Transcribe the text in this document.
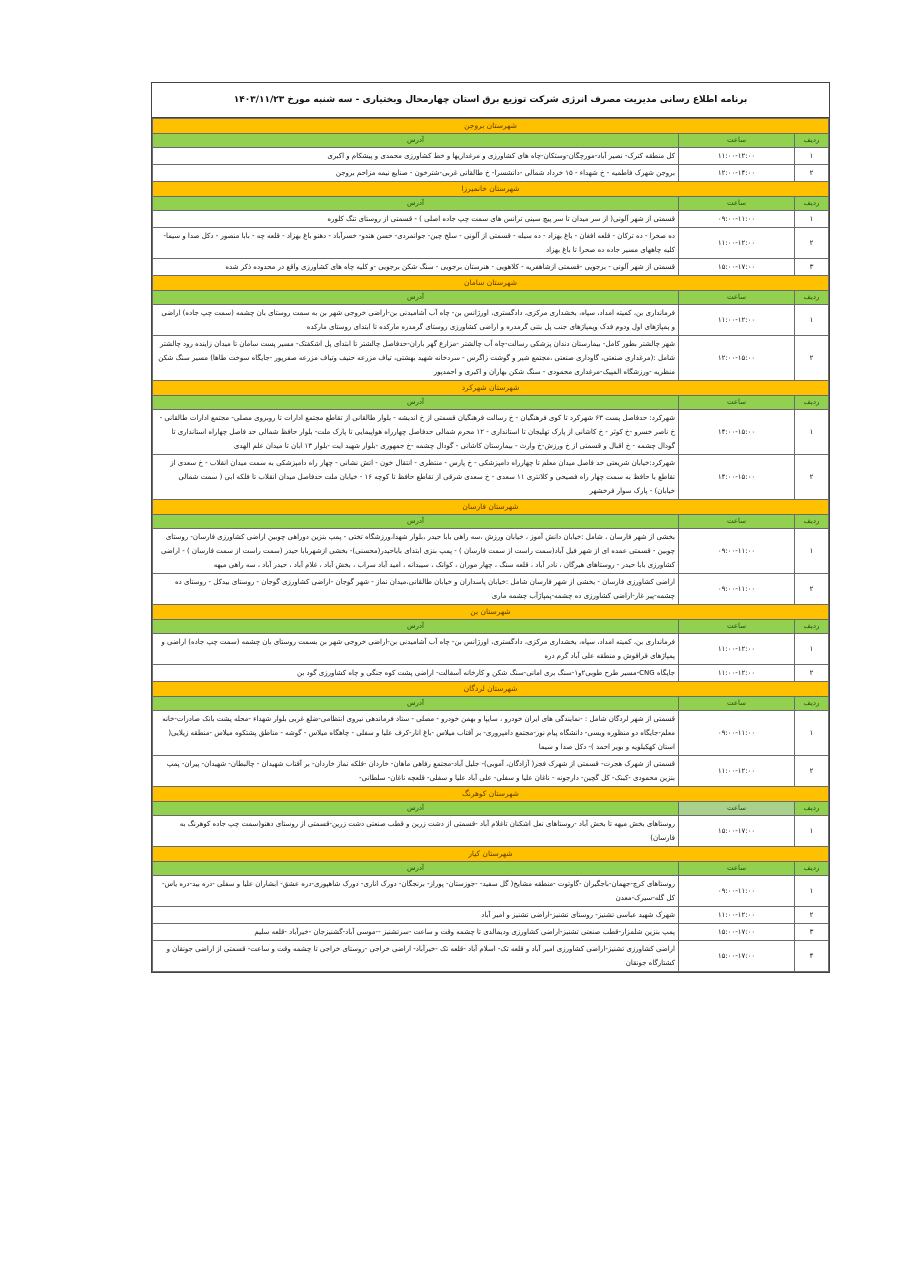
برنامه اطلاع رسانی مدیریت مصرف انرژی شرکت توزیع برق استان چهارمحال وبختیاری - سه شنبه مورخ ۱۴۰۳/۱۱/۲۳
شهرستان بروجن		
ردیف	ساعت	آدرس
۱	۱۱:۰۰-۱۲:۰۰	کل منطقه کترک- نصیر آباد-مورچگان-وستکان-چاه های کشاورزی و مرغداریها و خط کشاورزی محمدی و پیشکام و اکبری
۲	۱۲:۰۰-۱۴:۰۰	بروجن شهرک فاطمیه - خ شهداء - ۱۵ خرداد شمالی -دانشسرا- خ طالقانی غربی-شترخون - صنایع نیمه مزاحم بروجن
شهرستان خانمیرزا		
ردیف	ساعت	آدرس
۱	۰۹:۰۰-۱۱:۰۰	قسمتی از شهر آلونی( از سر میدان تا سر پیچ سینی ترانس های سمت چپ جاده اصلی ) - قسمتی از روستای تنگ کلوره
۲	۱۱:۰۰-۱۲:۰۰	ده صحرا - ده ترکان - قلعه افغان - باغ بهزاد - ده سیله - قسمتی از آلونی - سلخ چین- جوانمردی- حسن هندو- خسرآباد - دهنو باغ بهزاد - قلعه چه - بابا منصور - دکل صدا و سیما-کلیه چاههای مسیر جاده ده صحرا تا باغ بهزاد
۳	۱۵:۰۰-۱۷:۰۰	قسمتی از شهر آلونی - برجویی -قسمتی ازشاهفریه - کلاهویی - هنرستان برجویی - سنگ شکن برجویی -و کلیه چاه های کشاورزی واقع در محدوده ذکر شده
شهرستان سامان		
ردیف	ساعت	آدرس
۱	۱۱:۰۰-۱۲:۰۰	فرمانداری بن، کمیته امداد، سپاه، بخشداری مرکزی، دادگستری، اورژانس بن- چاه آب آشامیدنی بن-اراضی خروجی شهر بن به سمت روستای بان چشمه (سمت چپ جاده) اراضی و پمپاژهای اول ودوم فدک وپمپاژهای جنب پل بتنی گرمدره و اراضی کشاورزی روستای گرمدره مارکده تا ابتدای روستای مارکده
۲	۱۲:۰۰-۱۵:۰۰	شهر چالشتر بطور کامل- بیمارستان دندان پزشکی رسالت-چاه آب چالشتر -مزارع گهر باران-حدفاصل چالشتر تا ابتدای پل اشکفتک- مسیر پست سامان تا میدان زاینده رود چالشتر شامل :(مرغداری صنعتی، گاوداری صنعتی ،مجتمع شیر و گوشت زاگرس - سردخانه شهید بهشتی، تیاف مزرعه حنیف وتیاف مزرعه صفرپور -جایگاه سوخت طاها) مسیر سنگ شکن منظریه -ورزشگاه المپیک-مرغداری محمودی - سنگ شکن بهاران و اکبری و احمدپور
شهرستان شهرکرد		
ردیف	ساعت	آدرس
۱	۱۴:۰۰-۱۵:۰۰	شهرکرد: حدفاصل پست ۶۳ شهرکرد تا کوی فرهنگیان - خ رسالت فرهنگیان قسمتی از خ اندیشه - بلوار طالقانی از تقاطع مجتمع ادارات تا روبروی مصلی- مجتمع ادارات طالقانی - خ ناصر خسرو -خ کوثر - خ کاشانی از پارک تهلیجان تا استانداری - ۱۲ محرم شمالی حدفاصل چهارراه هواپیمایی تا پارک ملت- بلوار حافظ شمالی حد فاصل چهاراه استانداری تا گودال چشمه - خ اقبال و قسمتی از خ ورزش-خ وارث - بیمارستان کاشانی - گودال چشمه -خ جمهوری -بلوار شهید ایت -بلوار ۱۳ ابان تا میدان علم الهدی
۲	۱۴:۰۰-۱۵:۰۰	شهرکرد:خیابان شریعتی حد فاصل میدان معلم تا چهارراه دامپزشکی - خ پارس - منتظری - انتقال خون - اتش نشانی - چهار راه دامپزشکی به سمت میدان انقلاب - خ سعدی از تقاطع با حافظ به سمت چهار راه فصیحی و کلانتری ۱۱ سعدی - خ سعدی شرقی از تقاطع حافظ تا کوچه ۱۶ - خیابان ملت حدفاصل میدان انقلاب تا فلکه ابی ( سمت شمالی خیابان) - پارک سوار فرخشهر
شهرستان فارسان		
ردیف	ساعت	آدرس
۱	۰۹:۰۰-۱۱:۰۰	بخشی از شهر فارسان ، شامل :خیابان دانش آموز ، خیابان ورزش ،سه راهی بابا حیدر ،بلوار شهدا،ورزشگاه تختی - پمپ بنزین دوراهی چوبین اراضی کشاورزی فارسان- روستای چوبین - قسمتی عمده ای از شهر فیل آباد(سمت راست از سمت فارسان ) - پمپ بنزی ابتدای باباحیدر(محسنی)- بخشی ازشهربابا حیدر (سمت راست از سمت فارسان ) - اراضی کشاورزی بابا حیدر - روستاهای هیرگان ، نادر آباد ، قلعه سنگ ، چهار موران ، کوانک ، سیبدانه ، امید آباد سراب ، بخش آباد ، غلام آباد ، حیدر آباد ، سه راهی میهه
۲	۰۹:۰۰-۱۱:۰۰	اراضی کشاورزی فارسان - بخشی از شهر فارسان شامل :خیابان پاسداران و خیابان طالقانی،میدان نماز - شهر گوجان -اراضی کشاورزی گوجان - روستای بیدکل - روستای ده چشمه-پیر غار-اراضی کشاورزی ده چشمه-پمپاژآب چشمه ماری
شهرستان بن		
ردیف	ساعت	آدرس
۱	۱۱:۰۰-۱۲:۰۰	فرمانداری بن، کمیته امداد، سپاه، بخشداری مرکزی، دادگستری، اورژانس بن- چاه آب آشامیدنی بن-اراضی خروجی شهر بن بسمت روستای بان چشمه (سمت چپ جاده) اراضی و پمپاژهای قراقوش و منطقه علی آباد گرم دره
۲	۱۱:۰۰-۱۲:۰۰	جایگاه CNG-مسیر طرح طوبی۲و۱-سنگ بری امانی-سنگ شکن و کارخانه آسفالت- اراضی پشت کوه جنگی و چاه کشاورزی گود بن
شهرستان لردگان		
ردیف	ساعت	آدرس
۱	۰۹:۰۰-۱۱:۰۰	قسمتی از شهر لردگان شامل : -نمایندگی های ایران خودرو ، سایپا و بهمن خودرو - مصلی - ستاد فرماندهی نیروی انتظامی-ضلع غربی بلوار شهداء -محله پشت بانک صادرات-خانه معلم-جایگاه دو منظوره ویسی- دانشگاه پیام نور-مجتمع دامپروری- بر آفتاب میلاس -باغ انار-کرف علیا و سفلی - چاهگاه میلاس - گوشه - مناطق پشتکوه میلاس -منطقه زیلایی( استان کهکیلویه و بویر احمد )- دکل صدا و سیما
۲	۱۱:۰۰-۱۲:۰۰	قسمتی از شهرک هجرت- قسمتی از شهرک فجر( آزادگان، آموبی)- جلیل آباد-مجتمع رفاهی ماهان- خاردان -فلکه نماز خاردان- بر آفتاب شهیدان - چالبطان- شهیدان- پیران- پمپ بنزین محمودی -کینک- کل گچین- دارجونه - ناغان علیا و سفلی- علی آباد علیا و سفلی- قلعچه ناغان- سلطانی-
شهرستان کوهرنگ		
ردیف	ساعت	آدرس
۱	۱۵:۰۰-۱۷:۰۰	روستاهای بخش میهه تا بخش آباد -روستاهای نعل اشکنان تاغلام آباد -قسمتی از دشت زرین و قطب صنعتی دشت زرین-قسمتی از روستای دهنو(سمت چپ جاده کوهرنگ به فارسان)
شهرستان کیار		
ردیف	ساعت	آدرس
۱	۰۹:۰۰-۱۱:۰۰	روستاهای کرچ-جهمان-باجگیران -گاوتوت -منطقه مشایخ( گل سفید- -جوزستان- پوراز- برنجگان- دورک اناری- دورک شاهپوری-دره عشق- ابشاران علیا و سفلی -دره بید-دره یاس-کل گله-سیرک-معدن
۲	۱۱:۰۰-۱۲:۰۰	شهرک شهید عباسی تشنیز- روستای تشنیز-اراضی تشنیز و امیر آباد
۳	۱۵:۰۰-۱۷:۰۰	پمپ بنزین شلمزار-قطب صنعتی تشنیز-اراضی کشاورزی ودیمالدی تا چشمه وقت و ساعت -سرتشنیز --موسی آباد-گشنیزجان -خیرآباد -قلعه سلیم
۴	۱۵:۰۰-۱۷:۰۰	اراضی کشاورزی تشنیز-اراضی کشاورزی امیر آباد و قلعه تک- اسلام آباد -قلعه تک -خیرآباد- اراضی خراجی -روستای خراجی تا چشمه وقت و ساعت- قسمتی از اراضی جونقان و کشتارگاه جونقان
